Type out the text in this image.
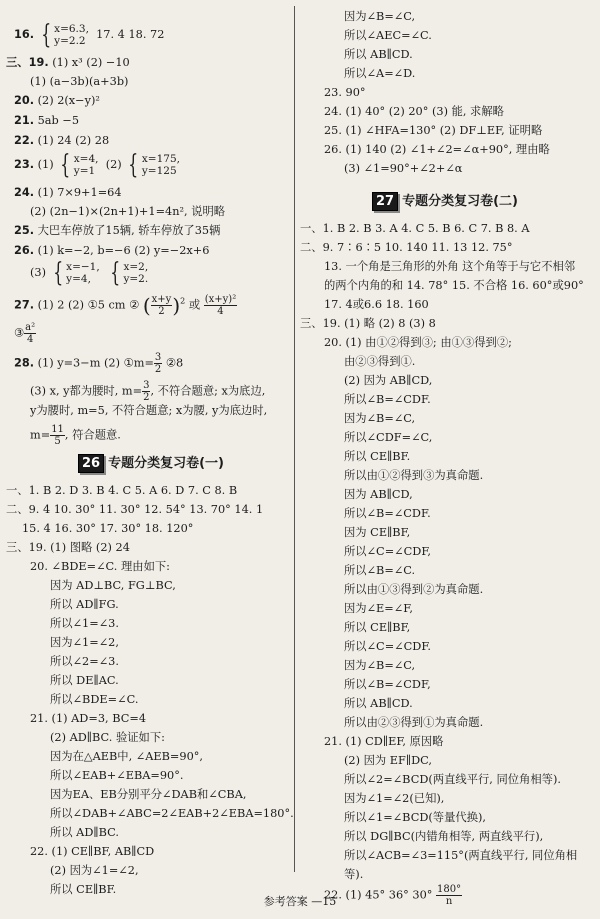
16. { x=6.3,
y=2.2 17. 4 18. 72
三、19. (1) x³ (2) −10
(1) (a−3b)(a+3b)
20. (2) 2(x−y)²
21. 5ab −5
22. (1) 24 (2) 28
23. (1) { x=4,
y=1 (2) { x=175,
y=125
24. (1) 7×9+1=64
(2) (2n−1)×(2n+1)+1=4n², 说明略
25. 大巴车停放了15辆, 轿车停放了35辆
26. (1) k=−2, b=−6 (2) y=−2x+6
(3) { x=−1,
y=4, { x=2,
y=2.
27. (1) 2 (2) ①5 cm ② ( $\frac{x+y}{2} )^2$ 或 $\frac{\text{(x+y)²}}{4}$
③ $\frac{\text{a²}}{4}$
28. (1) y=3−m (2) ①m= $\frac{3}{2}$ ②8
(3) x, y都为腰时, $m= \frac{3}{2}$ , 不符合题意; x为底边,
y为腰时, m=5, 不符合题意; x为腰, y为底边时,
$m= \frac{11}{5}$ , 符合题意.
26 专题分类复习卷(一)
一、1. B 2. D 3. B 4. C 5. A 6. D 7. C 8. B
二、9. 4 10. 30° 11. 30° 12. 54° 13. 70° 14. 1
15. 4 16. 30° 17. 30° 18. 120°
三、19. (1) 图略 (2) 24
20. ∠BDE=∠C. 理由如下:
因为 AD⊥BC, FG⊥BC,
所以 AD∥FG.
所以∠1=∠3.
因为∠1=∠2,
所以∠2=∠3.
所以 DE∥AC.
所以∠BDE=∠C.
21. (1) AD=3, BC=4
(2) AD∥BC. 验证如下:
因为在△AEB中, ∠AEB=90°,
所以∠EAB+∠EBA=90°.
因为EA、EB分别平分∠DAB和∠CBA,
所以∠DAB+∠ABC=2∠EAB+2∠EBA=180°.
所以 AD∥BC.
22. (1) CE∥BF, AB∥CD
(2) 因为∠1=∠2,
所以 CE∥BF.
因为∠B=∠C,
所以∠AEC=∠C.
所以 AB∥CD.
所以∠A=∠D.
23. 90°
24. (1) 40° (2) 20° (3) 能, 求解略
25. (1) ∠HFA=130° (2) DF⊥EF, 证明略
26. (1) 140 (2) ∠1+∠2=∠α+90°, 理由略
(3) ∠1=90°+∠2+∠α
27 专题分类复习卷(二)
一、1. B 2. B 3. A 4. C 5. B 6. C 7. B 8. A
二、9. 7∶6∶5 10. 140 11. 13 12. 75°
13. 一个角是三角形的外角 这个角等于与它不相邻
的两个内角的和 14. 78° 15. 不合格 16. 60°或90°
17. 4或6.6 18. 160
三、19. (1) 略 (2) 8 (3) 8
20. (1) 由①②得到③; 由①③得到②;
由②③得到①.
(2) 因为 AB∥CD,
所以∠B=∠CDF.
因为∠B=∠C,
所以∠CDF=∠C,
所以 CE∥BF.
所以由①②得到③为真命题.
因为 AB∥CD,
所以∠B=∠CDF.
因为 CE∥BF,
所以∠C=∠CDF,
所以∠B=∠C.
所以由①③得到②为真命题.
因为∠E=∠F,
所以 CE∥BF,
所以∠C=∠CDF.
因为∠B=∠C,
所以∠B=∠CDF,
所以 AB∥CD.
所以由②③得到①为真命题.
21. (1) CD∥EF, 原因略
(2) 因为 EF∥DC,
所以∠2=∠BCD(两直线平行, 同位角相等).
因为∠1=∠2(已知),
所以∠1=∠BCD(等量代换),
所以 DG∥BC(内错角相等, 两直线平行),
所以∠ACB=∠3=115°(两直线平行, 同位角相
等).
22. (1) 45° 36° $30^\circ \frac{180^\circ}{n}$
参考答案 —15
